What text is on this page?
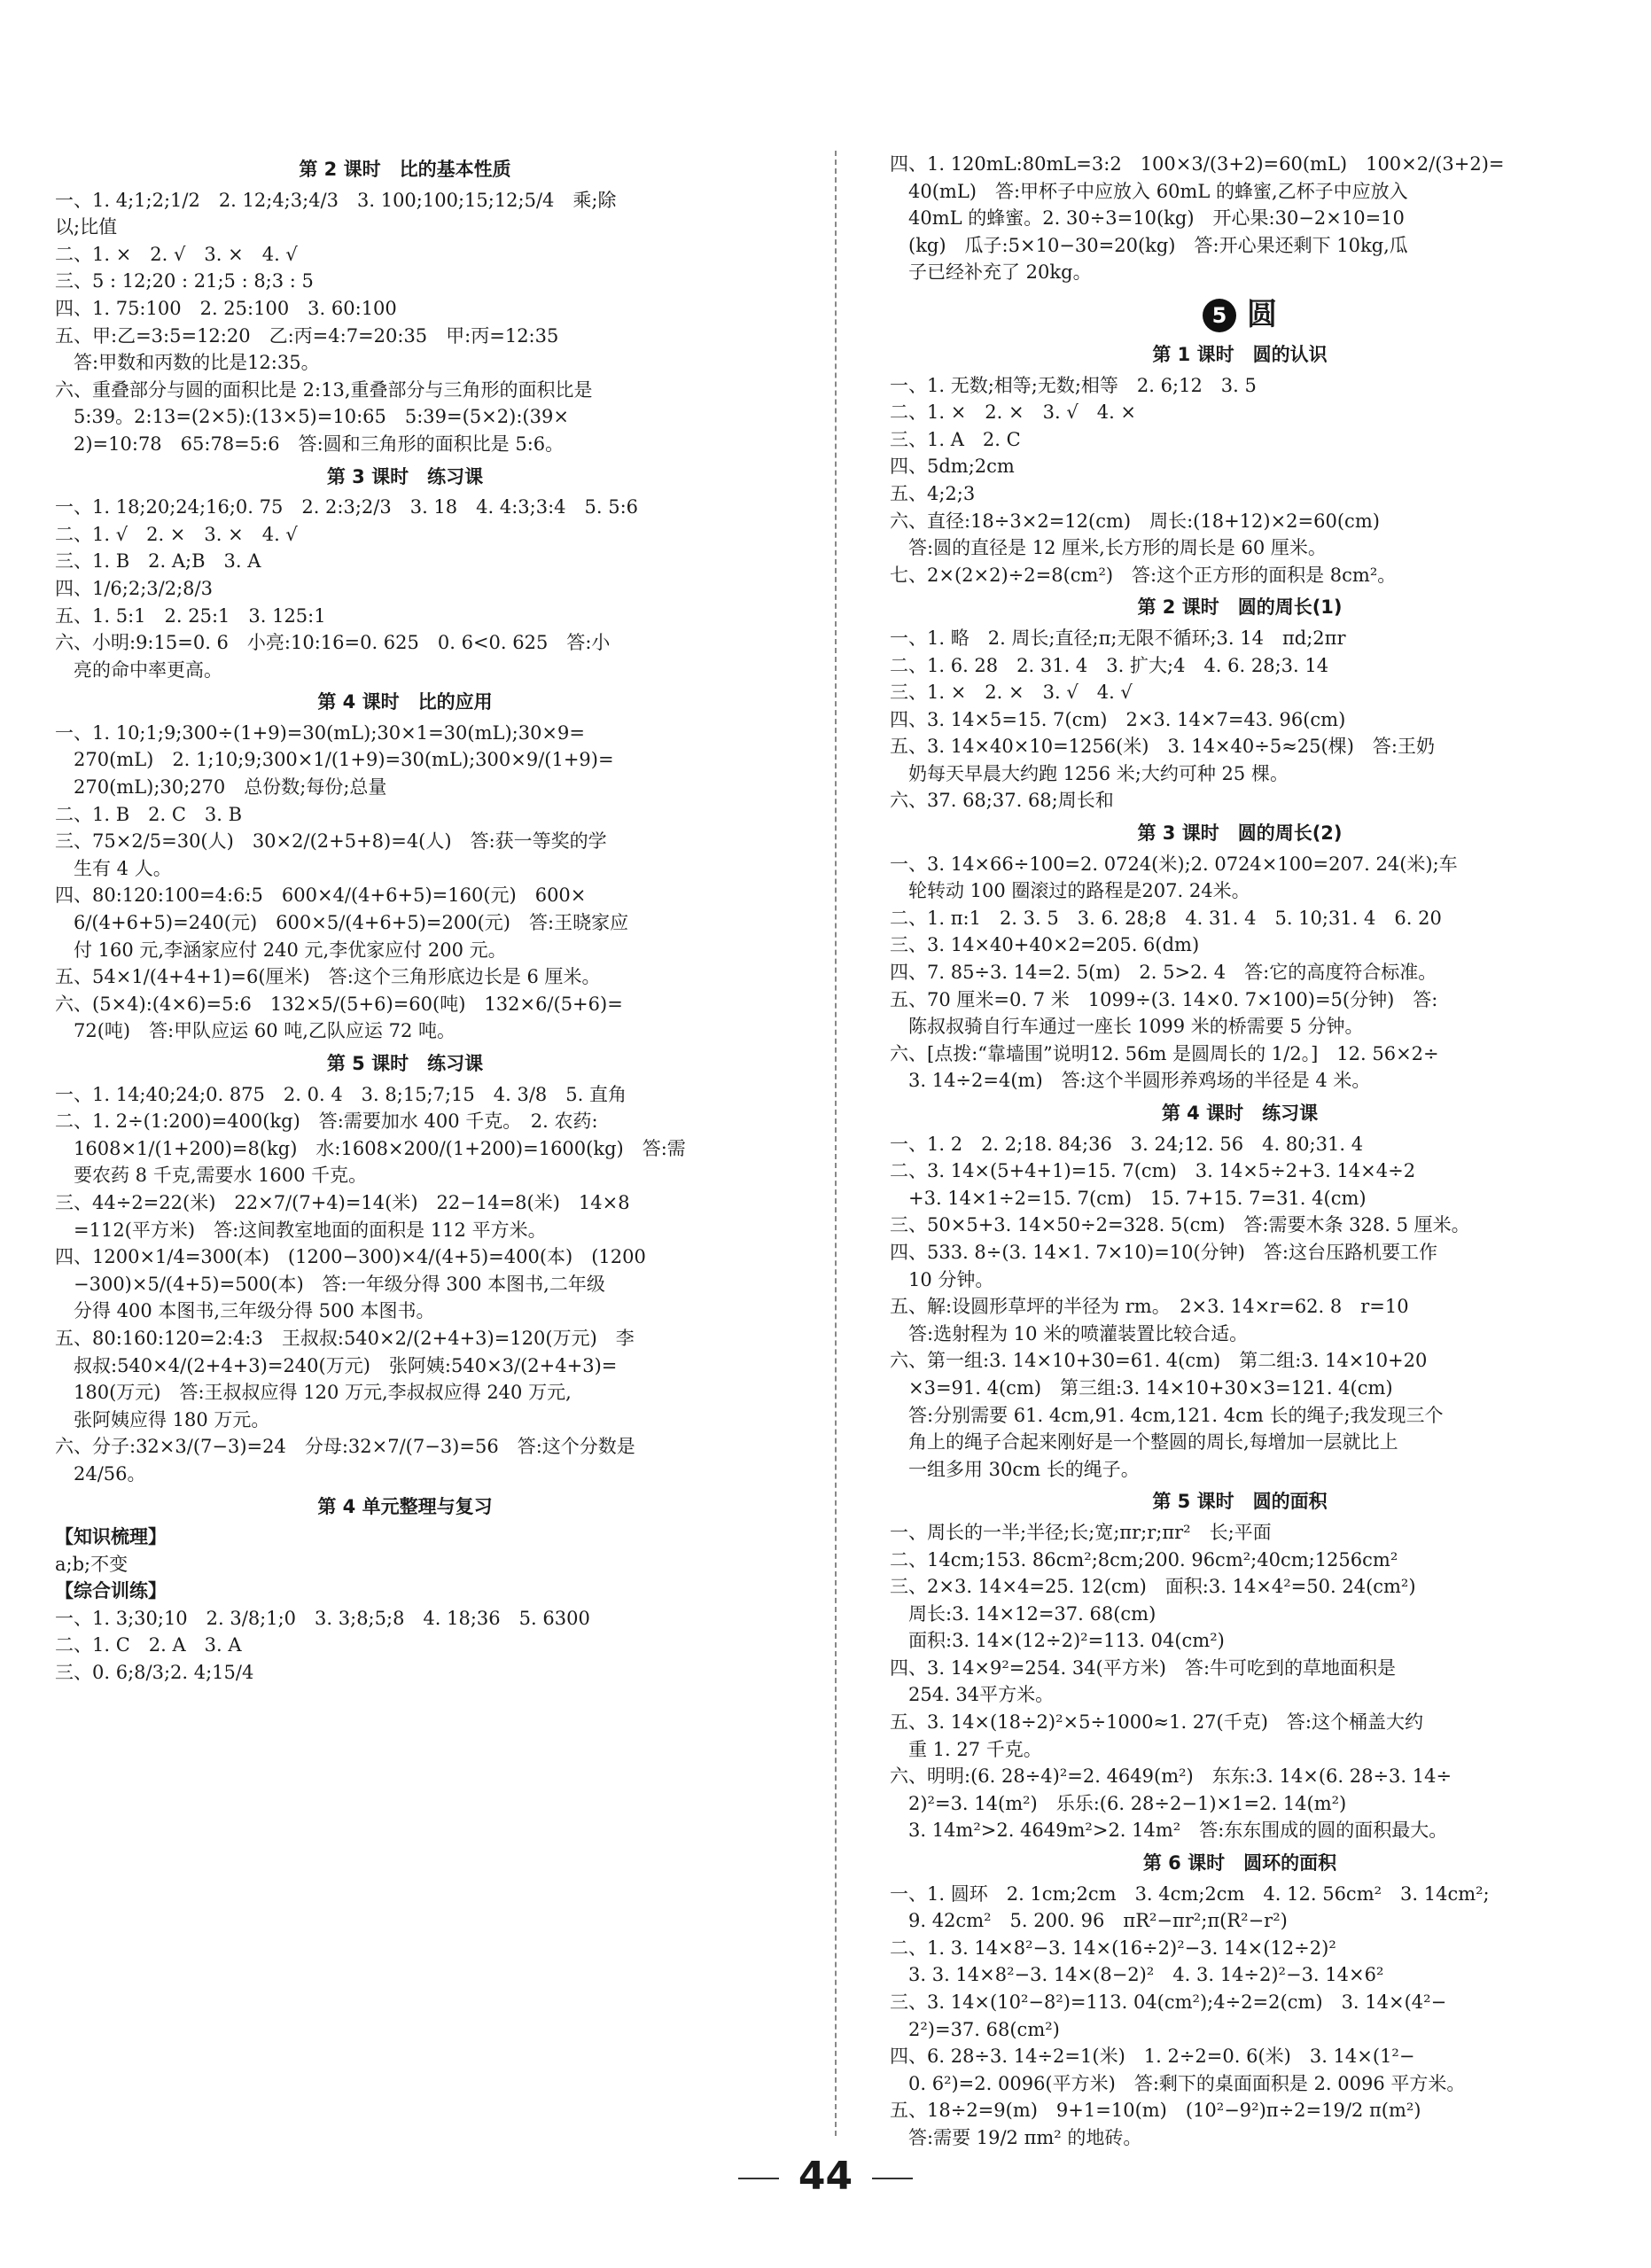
第 2 课时　比的基本性质
一、1. 4;1;2;1/2　2. 12;4;3;4/3　3. 100;100;15;12;5/4　乘;除
以;比值
二、1. ×　2. √　3. ×　4. √
三、5 : 12;20 : 21;5 : 8;3 : 5
四、1. 75:100　2. 25:100　3. 60:100
五、甲:乙=3:5=12:20　乙:丙=4:7=20:35　甲:丙=12:35
　答:甲数和丙数的比是12:35。
六、重叠部分与圆的面积比是 2:13,重叠部分与三角形的面积比是
　5:39。2:13=(2×5):(13×5)=10:65　5:39=(5×2):(39×
　2)=10:78　65:78=5:6　答:圆和三角形的面积比是 5:6。
第 3 课时　练习课
一、1. 18;20;24;16;0. 75　2. 2:3;2/3　3. 18　4. 4:3;3:4　5. 5:6
二、1. √　2. ×　3. ×　4. √
三、1. B　2. A;B　3. A
四、1/6;2;3/2;8/3
五、1. 5:1　2. 25:1　3. 125:1
六、小明:9:15=0. 6　小亮:10:16=0. 625　0. 6<0. 625　答:小
　亮的命中率更高。
第 4 课时　比的应用
一、1. 10;1;9;300÷(1+9)=30(mL);30×1=30(mL);30×9=
　270(mL)　2. 1;10;9;300×1/(1+9)=30(mL);300×9/(1+9)=
　270(mL);30;270　总份数;每份;总量
二、1. B　2. C　3. B
三、75×2/5=30(人)　30×2/(2+5+8)=4(人)　答:获一等奖的学
　生有 4 人。
四、80:120:100=4:6:5　600×4/(4+6+5)=160(元)　600×
　6/(4+6+5)=240(元)　600×5/(4+6+5)=200(元)　答:王晓家应
　付 160 元,李涵家应付 240 元,李优家应付 200 元。
五、54×1/(4+4+1)=6(厘米)　答:这个三角形底边长是 6 厘米。
六、(5×4):(4×6)=5:6　132×5/(5+6)=60(吨)　132×6/(5+6)=
　72(吨)　答:甲队应运 60 吨,乙队应运 72 吨。
第 5 课时　练习课
一、1. 14;40;24;0. 875　2. 0. 4　3. 8;15;7;15　4. 3/8　5. 直角
二、1. 2÷(1:200)=400(kg)　答:需要加水 400 千克。　2. 农药:
　1608×1/(1+200)=8(kg)　水:1608×200/(1+200)=1600(kg)　答:需
　要农药 8 千克,需要水 1600 千克。
三、44÷2=22(米)　22×7/(7+4)=14(米)　22−14=8(米)　14×8
　=112(平方米)　答:这间教室地面的面积是 112 平方米。
四、1200×1/4=300(本)　(1200−300)×4/(4+5)=400(本)　(1200
　−300)×5/(4+5)=500(本)　答:一年级分得 300 本图书,二年级
　分得 400 本图书,三年级分得 500 本图书。
五、80:160:120=2:4:3　王叔叔:540×2/(2+4+3)=120(万元)　李
　叔叔:540×4/(2+4+3)=240(万元)　张阿姨:540×3/(2+4+3)=
　180(万元)　答:王叔叔应得 120 万元,李叔叔应得 240 万元,
　张阿姨应得 180 万元。
六、分子:32×3/(7−3)=24　分母:32×7/(7−3)=56　答:这个分数是
　24/56。
第 4 单元整理与复习
【知识梳理】
a;b;不变
【综合训练】
一、1. 3;30;10　2. 3/8;1;0　3. 3;8;5;8　4. 18;36　5. 6300
二、1. C　2. A　3. A
三、0. 6;8/3;2. 4;15/4
四、1. 120mL:80mL=3:2　100×3/(3+2)=60(mL)　100×2/(3+2)=
　40(mL)　答:甲杯子中应放入 60mL 的蜂蜜,乙杯子中应放入
　40mL 的蜂蜜。2. 30÷3=10(kg)　开心果:30−2×10=10
　(kg)　瓜子:5×10−30=20(kg)　答:开心果还剩下 10kg,瓜
　子已经补充了 20kg。
5 圆
第 1 课时　圆的认识
一、1. 无数;相等;无数;相等　2. 6;12　3. 5
二、1. ×　2. ×　3. √　4. ×
三、1. A　2. C
四、5dm;2cm
五、4;2;3
六、直径:18÷3×2=12(cm)　周长:(18+12)×2=60(cm)
　答:圆的直径是 12 厘米,长方形的周长是 60 厘米。
七、2×(2×2)÷2=8(cm²)　答:这个正方形的面积是 8cm²。
第 2 课时　圆的周长(1)
一、1. 略　2. 周长;直径;π;无限不循环;3. 14　πd;2πr
二、1. 6. 28　2. 31. 4　3. 扩大;4　4. 6. 28;3. 14
三、1. ×　2. ×　3. √　4. √
四、3. 14×5=15. 7(cm)　2×3. 14×7=43. 96(cm)
五、3. 14×40×10=1256(米)　3. 14×40÷5≈25(棵)　答:王奶
　奶每天早晨大约跑 1256 米;大约可种 25 棵。
六、37. 68;37. 68;周长和
第 3 课时　圆的周长(2)
一、3. 14×66÷100=2. 0724(米);2. 0724×100=207. 24(米);车
　轮转动 100 圈滚过的路程是207. 24米。
二、1. π:1　2. 3. 5　3. 6. 28;8　4. 31. 4　5. 10;31. 4　6. 20
三、3. 14×40+40×2=205. 6(dm)
四、7. 85÷3. 14=2. 5(m)　2. 5>2. 4　答:它的高度符合标准。
五、70 厘米=0. 7 米　1099÷(3. 14×0. 7×100)=5(分钟)　答:
　陈叔叔骑自行车通过一座长 1099 米的桥需要 5 分钟。
六、[点拨:“靠墙围”说明12. 56m 是圆周长的 1/2。]　12. 56×2÷
　3. 14÷2=4(m)　答:这个半圆形养鸡场的半径是 4 米。
第 4 课时　练习课
一、1. 2　2. 2;18. 84;36　3. 24;12. 56　4. 80;31. 4
二、3. 14×(5+4+1)=15. 7(cm)　3. 14×5÷2+3. 14×4÷2
　+3. 14×1÷2=15. 7(cm)　15. 7+15. 7=31. 4(cm)
三、50×5+3. 14×50÷2=328. 5(cm)　答:需要木条 328. 5 厘米。
四、533. 8÷(3. 14×1. 7×10)=10(分钟)　答:这台压路机要工作
　10 分钟。
五、解:设圆形草坪的半径为 rm。　2×3. 14×r=62. 8　r=10
　答:选射程为 10 米的喷灌装置比较合适。
六、第一组:3. 14×10+30=61. 4(cm)　第二组:3. 14×10+20
　×3=91. 4(cm)　第三组:3. 14×10+30×3=121. 4(cm)
　答:分别需要 61. 4cm,91. 4cm,121. 4cm 长的绳子;我发现三个
　角上的绳子合起来刚好是一个整圆的周长,每增加一层就比上
　一组多用 30cm 长的绳子。
第 5 课时　圆的面积
一、周长的一半;半径;长;宽;πr;r;πr²　长;平面
二、14cm;153. 86cm²;8cm;200. 96cm²;40cm;1256cm²
三、2×3. 14×4=25. 12(cm)　面积:3. 14×4²=50. 24(cm²)
　周长:3. 14×12=37. 68(cm)
　面积:3. 14×(12÷2)²=113. 04(cm²)
四、3. 14×9²=254. 34(平方米)　答:牛可吃到的草地面积是
　254. 34平方米。
五、3. 14×(18÷2)²×5÷1000≈1. 27(千克)　答:这个桶盖大约
　重 1. 27 千克。
六、明明:(6. 28÷4)²=2. 4649(m²)　东东:3. 14×(6. 28÷3. 14÷
　2)²=3. 14(m²)　乐乐:(6. 28÷2−1)×1=2. 14(m²)
　3. 14m²>2. 4649m²>2. 14m²　答:东东围成的圆的面积最大。
第 6 课时　圆环的面积
一、1. 圆环　2. 1cm;2cm　3. 4cm;2cm　4. 12. 56cm²　3. 14cm²;
　9. 42cm²　5. 200. 96　πR²−πr²;π(R²−r²)
二、1. 3. 14×8²−3. 14×(16÷2)²−3. 14×(12÷2)²
　3. 3. 14×8²−3. 14×(8−2)²　4. 3. 14÷2)²−3. 14×6²
三、3. 14×(10²−8²)=113. 04(cm²);4÷2=2(cm)　3. 14×(4²−
　2²)=37. 68(cm²)
四、6. 28÷3. 14÷2=1(米)　1. 2÷2=0. 6(米)　3. 14×(1²−
　0. 6²)=2. 0096(平方米)　答:剩下的桌面面积是 2. 0096 平方米。
五、18÷2=9(m)　9+1=10(m)　(10²−9²)π÷2=19/2 π(m²)
　答:需要 19/2 πm² 的地砖。
44
